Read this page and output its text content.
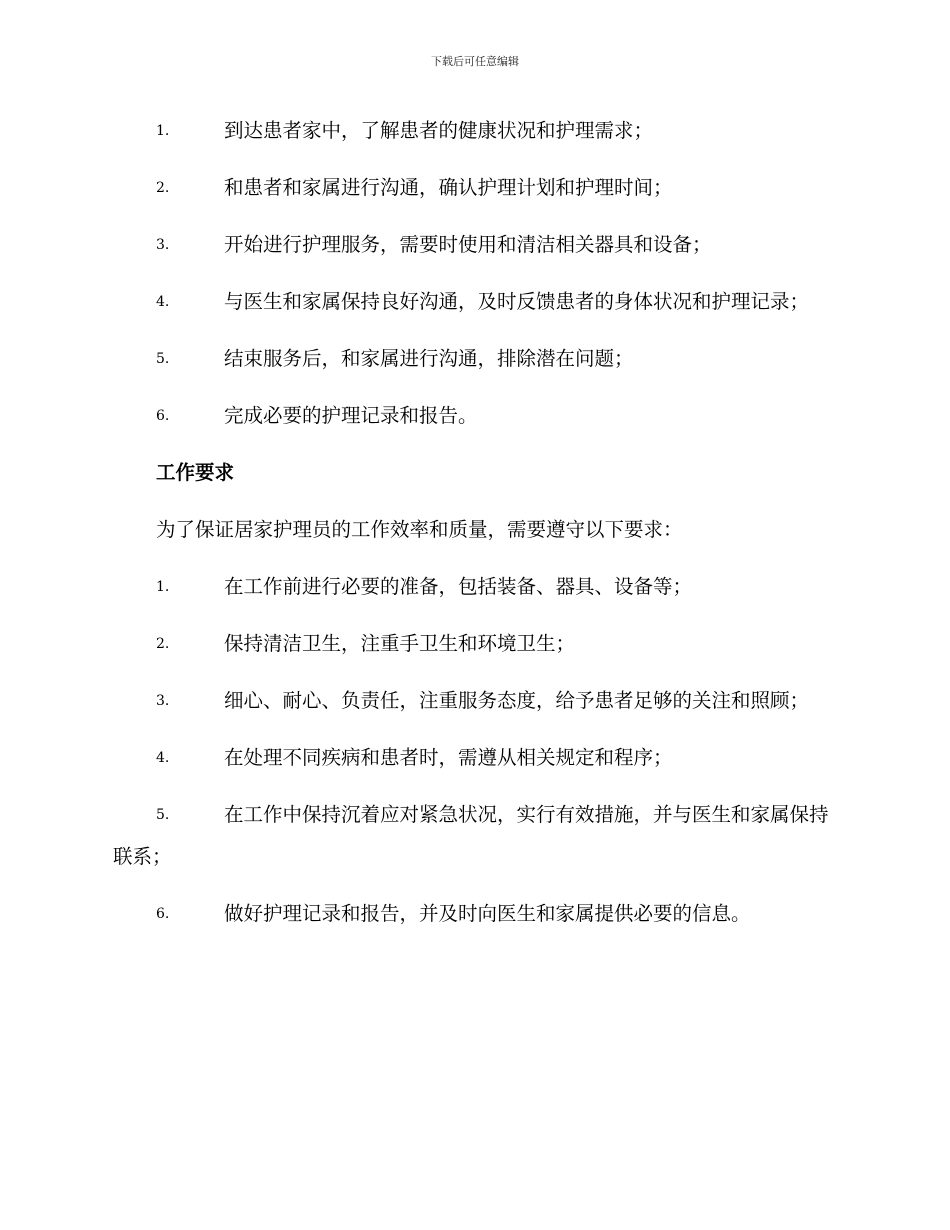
下载后可任意编辑
1.	到达患者家中，了解患者的健康状况和护理需求；
2.	和患者和家属进行沟通，确认护理计划和护理时间；
3.	开始进行护理服务，需要时使用和清洁相关器具和设备；
4.	与医生和家属保持良好沟通，及时反馈患者的身体状况和护理记录；
5.	结束服务后，和家属进行沟通，排除潜在问题；
6.	完成必要的护理记录和报告。
工作要求
为了保证居家护理员的工作效率和质量，需要遵守以下要求：
1.	在工作前进行必要的准备，包括装备、器具、设备等；
2.	保持清洁卫生，注重手卫生和环境卫生；
3.	细心、耐心、负责任，注重服务态度，给予患者足够的关注和照顾；
4.	在处理不同疾病和患者时，需遵从相关规定和程序；
5.	在工作中保持沉着应对紧急状况，实行有效措施，并与医生和家属保持联系；
6.	做好护理记录和报告，并及时向医生和家属提供必要的信息。
